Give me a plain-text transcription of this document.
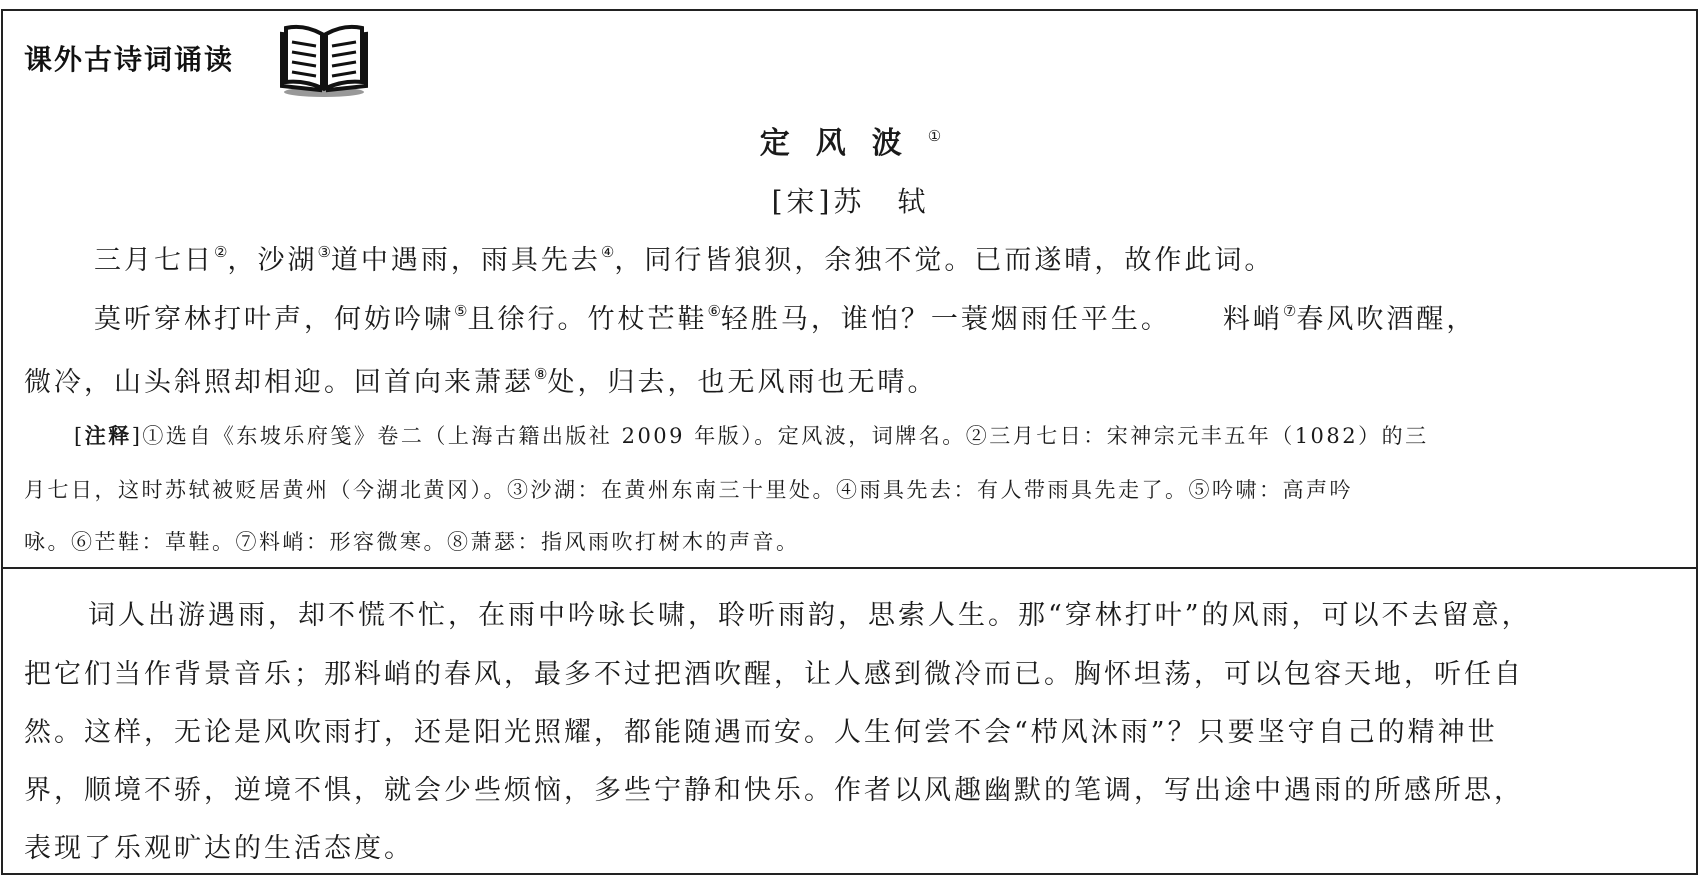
课外古诗词诵读
定风波①
[宋]苏　轼
三月七日②，沙湖③道中遇雨，雨具先去④，同行皆狼狈，余独不觉。已而遂晴，故作此词。
莫听穿林打叶声，何妨吟啸⑤且徐行。竹杖芒鞋⑥轻胜马，谁怕？一蓑烟雨任平生。 料峭⑦春风吹酒醒，
微冷，山头斜照却相迎。回首向来萧瑟⑧处，归去，也无风雨也无晴。
[注释]①选自《东坡乐府笺》卷二（上海古籍出版社 2009 年版）。定风波，词牌名。②三月七日：宋神宗元丰五年（1082）的三
月七日，这时苏轼被贬居黄州（今湖北黄冈）。③沙湖：在黄州东南三十里处。④雨具先去：有人带雨具先走了。⑤吟啸：高声吟
咏。⑥芒鞋：草鞋。⑦料峭：形容微寒。⑧萧瑟：指风雨吹打树木的声音。
词人出游遇雨，却不慌不忙，在雨中吟咏长啸，聆听雨韵，思索人生。那“穿林打叶”的风雨，可以不去留意，
把它们当作背景音乐；那料峭的春风，最多不过把酒吹醒，让人感到微冷而已。胸怀坦荡，可以包容天地，听任自
然。这样，无论是风吹雨打，还是阳光照耀，都能随遇而安。人生何尝不会“栉风沐雨”？只要坚守自己的精神世
界，顺境不骄，逆境不惧，就会少些烦恼，多些宁静和快乐。作者以风趣幽默的笔调，写出途中遇雨的所感所思，
表现了乐观旷达的生活态度。
